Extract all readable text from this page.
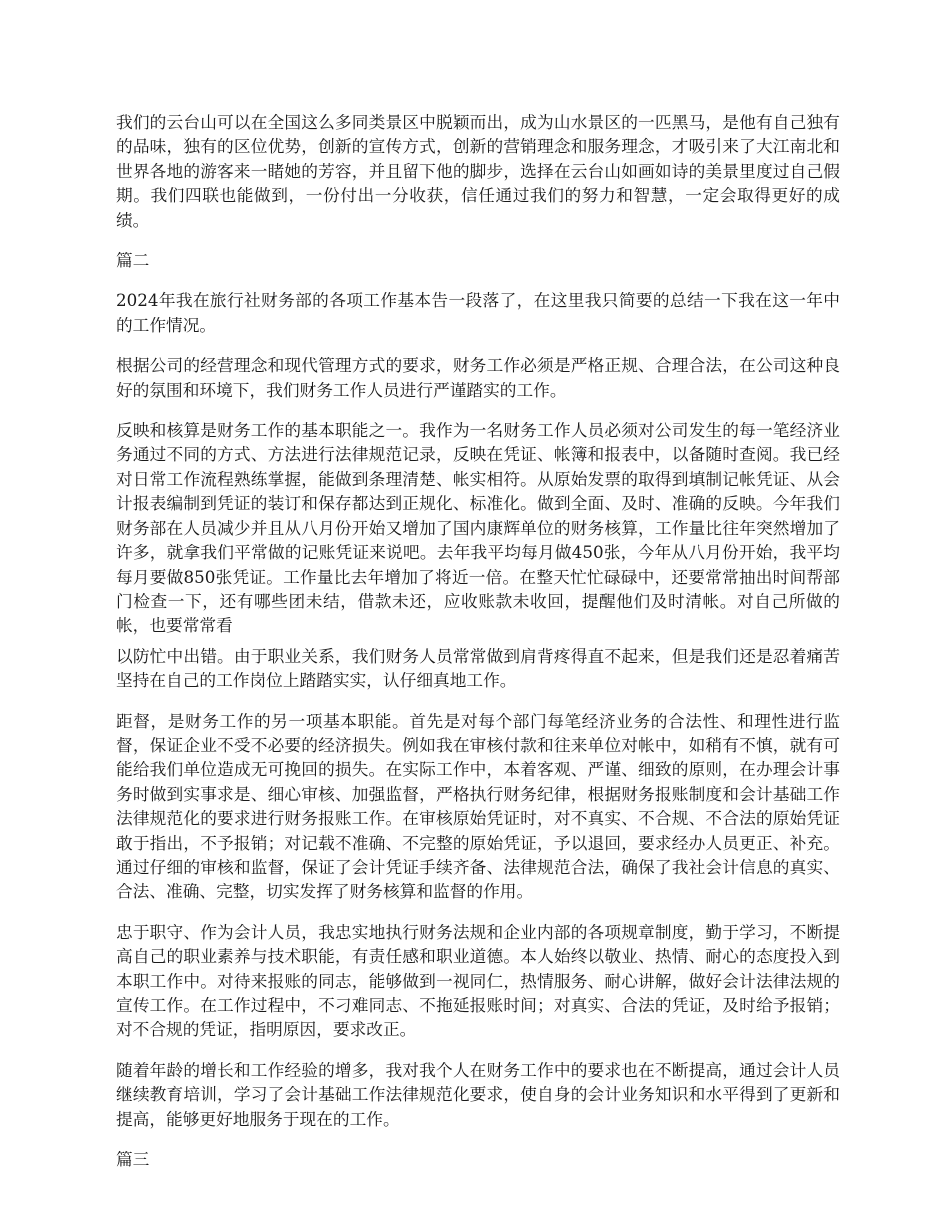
我们的云台山可以在全国这么多同类景区中脱颖而出，成为山水景区的一匹黑马，是他有自己独有的品味，独有的区位优势，创新的宣传方式，创新的营销理念和服务理念，才吸引来了大江南北和世界各地的游客来一睹她的芳容，并且留下他的脚步，选择在云台山如画如诗的美景里度过自己假期。我们四联也能做到，一份付出一分收获，信任通过我们的努力和智慧，一定会取得更好的成绩。

篇二

2024年我在旅行社财务部的各项工作基本告一段落了，在这里我只简要的总结一下我在这一年中的工作情况。

根据公司的经营理念和现代管理方式的要求，财务工作必须是严格正规、合理合法，在公司这种良好的氛围和环境下，我们财务工作人员进行严谨踏实的工作。

反映和核算是财务工作的基本职能之一。我作为一名财务工作人员必须对公司发生的每一笔经济业务通过不同的方式、方法进行法律规范记录，反映在凭证、帐簿和报表中，以备随时查阅。我已经对日常工作流程熟练掌握，能做到条理清楚、帐实相符。从原始发票的取得到填制记帐凭证、从会计报表编制到凭证的装订和保存都达到正规化、标准化。做到全面、及时、准确的反映。今年我们财务部在人员减少并且从八月份开始又增加了国内康辉单位的财务核算，工作量比往年突然增加了许多，就拿我们平常做的记账凭证来说吧。去年我平均每月做450张，今年从八月份开始，我平均每月要做850张凭证。工作量比去年增加了将近一倍。在整天忙忙碌碌中，还要常常抽出时间帮部门检查一下，还有哪些团未结，借款未还，应收账款未收回，提醒他们及时清帐。对自己所做的帐，也要常常看

以防忙中出错。由于职业关系，我们财务人员常常做到肩背疼得直不起来，但是我们还是忍着痛苦坚持在自己的工作岗位上踏踏实实，认仔细真地工作。

距督，是财务工作的另一项基本职能。首先是对每个部门每笔经济业务的合法性、和理性进行监督，保证企业不受不必要的经济损失。例如我在审核付款和往来单位对帐中，如稍有不慎，就有可能给我们单位造成无可挽回的损失。在实际工作中，本着客观、严谨、细致的原则，在办理会计事务时做到实事求是、细心审核、加强监督，严格执行财务纪律，根据财务报账制度和会计基础工作法律规范化的要求进行财务报账工作。在审核原始凭证时，对不真实、不合规、不合法的原始凭证敢于指出，不予报销；对记载不准确、不完整的原始凭证，予以退回，要求经办人员更正、补充。通过仔细的审核和监督，保证了会计凭证手续齐备、法律规范合法，确保了我社会计信息的真实、合法、准确、完整，切实发挥了财务核算和监督的作用。

忠于职守、作为会计人员，我忠实地执行财务法规和企业内部的各项规章制度，勤于学习，不断提高自己的职业素养与技术职能，有责任感和职业道德。本人始终以敬业、热情、耐心的态度投入到本职工作中。对待来报账的同志，能够做到一视同仁，热情服务、耐心讲解，做好会计法律法规的宣传工作。在工作过程中，不刁难同志、不拖延报账时间；对真实、合法的凭证，及时给予报销；对不合规的凭证，指明原因，要求改正。

随着年龄的增长和工作经验的增多，我对我个人在财务工作中的要求也在不断提高，通过会计人员继续教育培训，学习了会计基础工作法律规范化要求，使自身的会计业务知识和水平得到了更新和提高，能够更好地服务于现在的工作。

篇三
